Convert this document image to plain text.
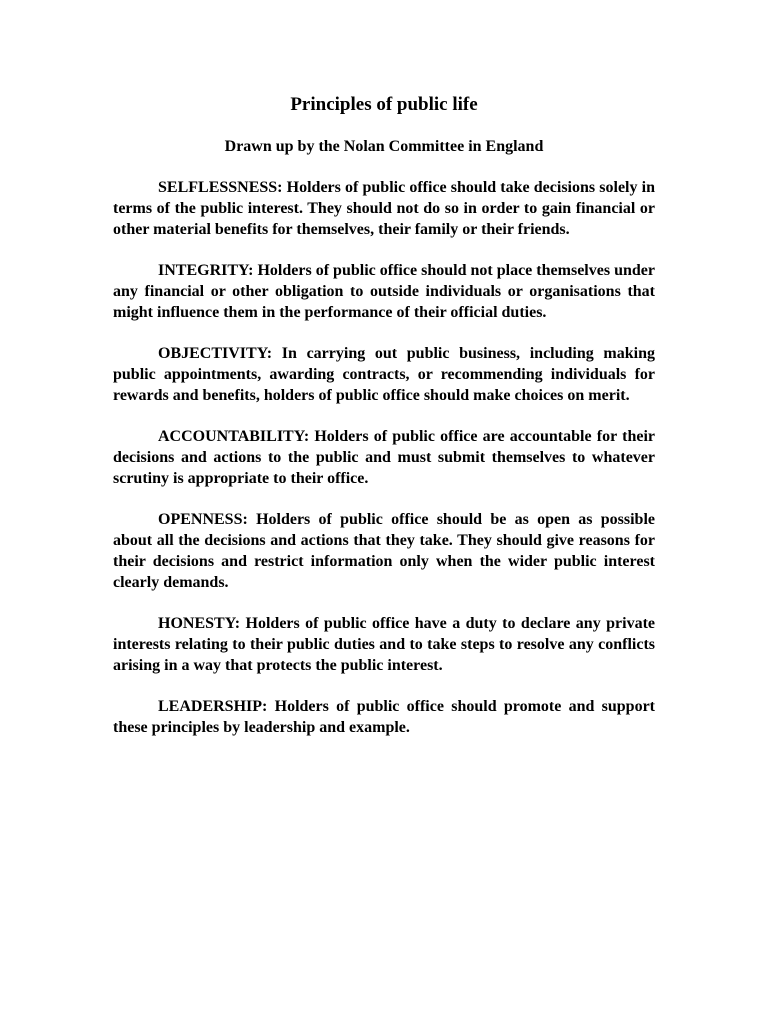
Principles of public life
Drawn up by the Nolan Committee in England

SELFLESSNESS: Holders of public office should take decisions solely in terms of the public interest. They should not do so in order to gain financial or other material benefits for themselves, their family or their friends.

INTEGRITY: Holders of public office should not place themselves under any financial or other obligation to outside individuals or organisations that might influence them in the performance of their official duties.

OBJECTIVITY: In carrying out public business, including making public appointments, awarding contracts, or recommending individuals for rewards and benefits, holders of public office should make choices on merit.

ACCOUNTABILITY: Holders of public office are accountable for their decisions and actions to the public and must submit themselves to whatever scrutiny is appropriate to their office.

OPENNESS: Holders of public office should be as open as possible about all the decisions and actions that they take. They should give reasons for their decisions and restrict information only when the wider public interest clearly demands.

HONESTY: Holders of public office have a duty to declare any private interests relating to their public duties and to take steps to resolve any conflicts arising in a way that protects the public interest.

LEADERSHIP: Holders of public office should promote and support these principles by leadership and example.
